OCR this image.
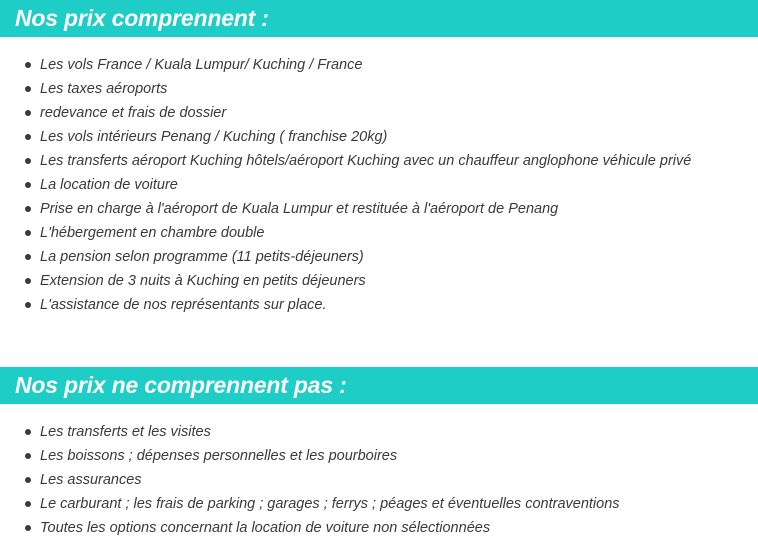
Nos prix comprennent :
Les vols France / Kuala Lumpur/ Kuching / France
Les taxes aéroports
redevance et frais de dossier
Les vols intérieurs Penang / Kuching ( franchise 20kg)
Les transferts aéroport Kuching hôtels/aéroport Kuching avec un chauffeur anglophone véhicule privé
La location de voiture
Prise en charge à l'aéroport de Kuala Lumpur et restituée à l'aéroport de Penang
L'hébergement en chambre double
La pension selon programme (11 petits-déjeuners)
Extension de 3 nuits à Kuching en petits déjeuners
L'assistance de nos représentants sur place.
Nos prix ne comprennent pas :
Les transferts et les visites
Les boissons ; dépenses personnelles et les pourboires
Les assurances
Le carburant ; les frais de parking ; garages ; ferrys ; péages et éventuelles contraventions
Toutes les options concernant la location de voiture non sélectionnées
